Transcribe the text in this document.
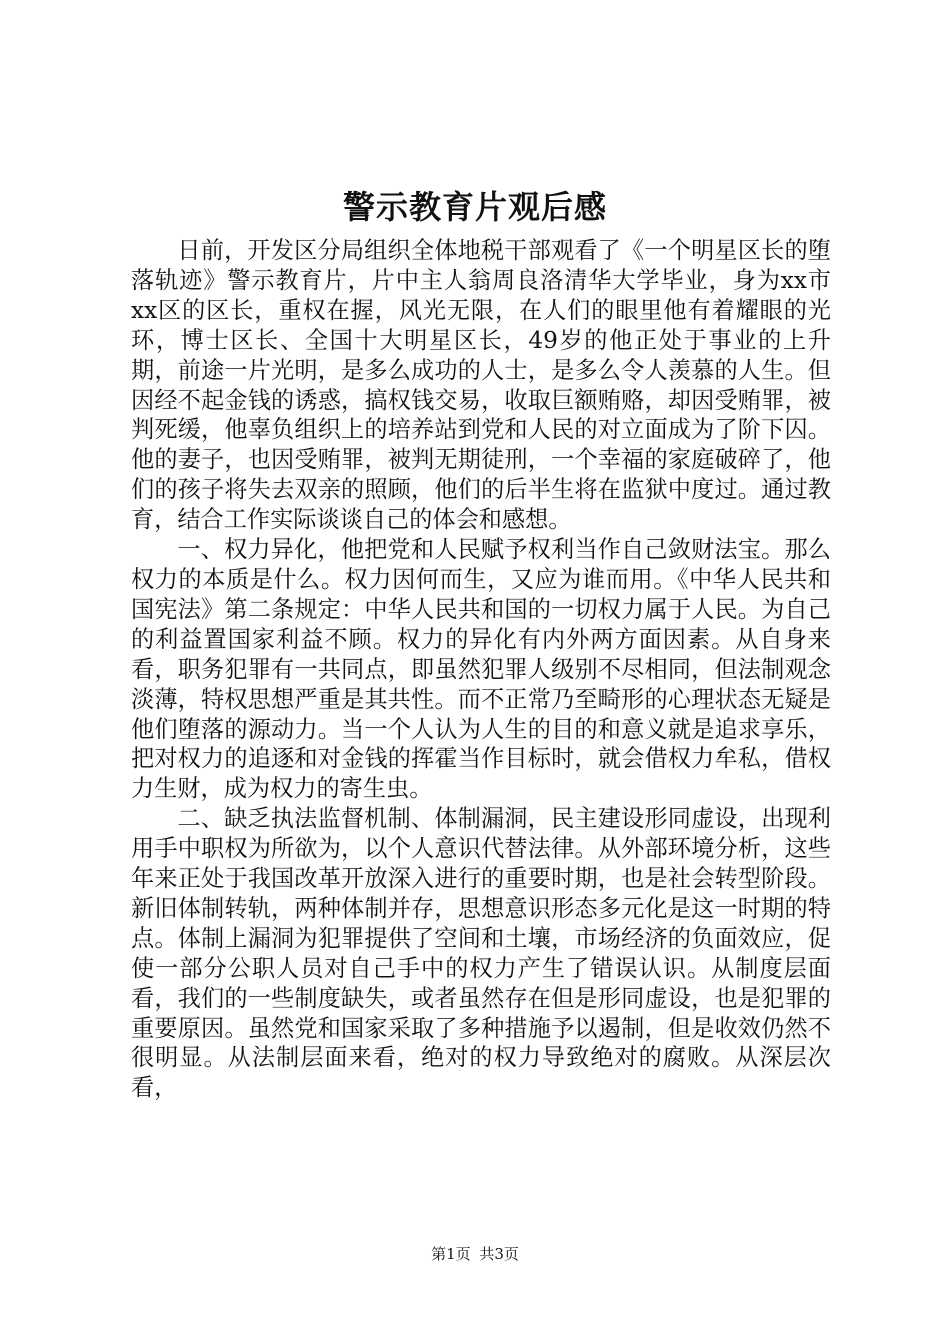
警示教育片观后感

日前，开发区分局组织全体地税干部观看了《一个明星区长的堕落轨迹》警示教育片，片中主人翁周良洛清华大学毕业，身为xx市xx区的区长，重权在握，风光无限，在人们的眼里他有着耀眼的光环，博士区长、全国十大明星区长，49岁的他正处于事业的上升期，前途一片光明，是多么成功的人士，是多么令人羡慕的人生。但因经不起金钱的诱惑，搞权钱交易，收取巨额贿赂，却因受贿罪，被判死缓，他辜负组织上的培养站到党和人民的对立面成为了阶下囚。他的妻子，也因受贿罪，被判无期徒刑，一个幸福的家庭破碎了，他们的孩子将失去双亲的照顾，他们的后半生将在监狱中度过。通过教育，结合工作实际谈谈自己的体会和感想。

一、权力异化，他把党和人民赋予权利当作自己敛财法宝。那么权力的本质是什么。权力因何而生，又应为谁而用。《中华人民共和国宪法》第二条规定：中华人民共和国的一切权力属于人民。为自己的利益置国家利益不顾。权力的异化有内外两方面因素。从自身来看，职务犯罪有一共同点，即虽然犯罪人级别不尽相同，但法制观念淡薄，特权思想严重是其共性。而不正常乃至畸形的心理状态无疑是他们堕落的源动力。当一个人认为人生的目的和意义就是追求享乐，把对权力的追逐和对金钱的挥霍当作目标时，就会借权力牟私，借权力生财，成为权力的寄生虫。

二、缺乏执法监督机制、体制漏洞，民主建设形同虚设，出现利用手中职权为所欲为，以个人意识代替法律。从外部环境分析，这些年来正处于我国改革开放深入进行的重要时期，也是社会转型阶段。新旧体制转轨，两种体制并存，思想意识形态多元化是这一时期的特点。体制上漏洞为犯罪提供了空间和土壤，市场经济的负面效应，促使一部分公职人员对自己手中的权力产生了错误认识。从制度层面看，我们的一些制度缺失，或者虽然存在但是形同虚设，也是犯罪的重要原因。虽然党和国家采取了多种措施予以遏制，但是收效仍然不很明显。从法制层面来看，绝对的权力导致绝对的腐败。从深层次看，

第1页 共3页
